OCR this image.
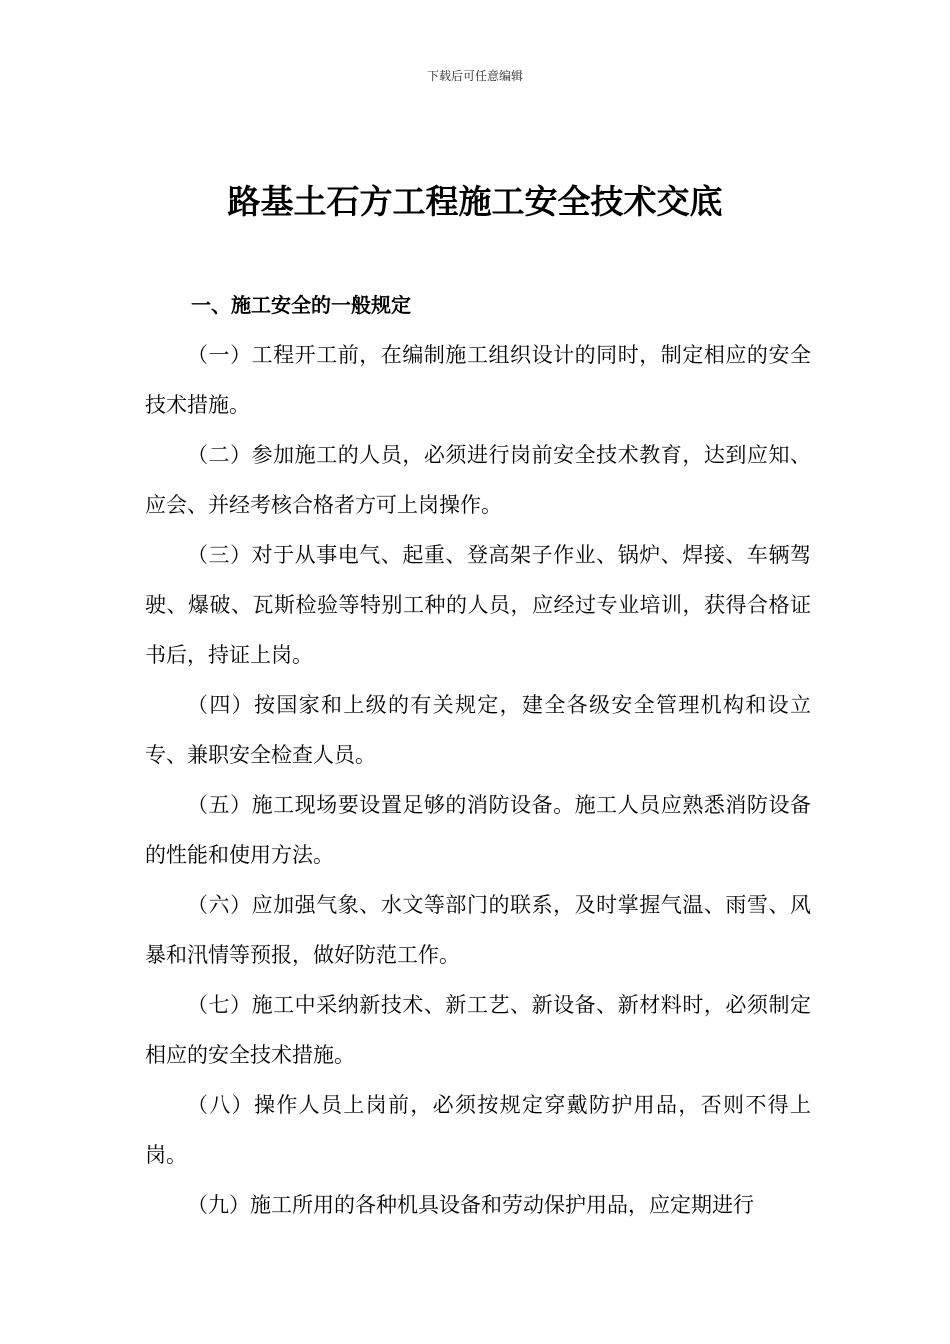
下载后可任意编辑
路基土石方工程施工安全技术交底

一、施工安全的一般规定

（一）工程开工前，在编制施工组织设计的同时，制定相应的安全技术措施。

（二）参加施工的人员，必须进行岗前安全技术教育，达到应知、应会、并经考核合格者方可上岗操作。

（三）对于从事电气、起重、登高架子作业、锅炉、焊接、车辆驾驶、爆破、瓦斯检验等特别工种的人员，应经过专业培训，获得合格证书后，持证上岗。

（四）按国家和上级的有关规定，建全各级安全管理机构和设立专、兼职安全检查人员。

（五）施工现场要设置足够的消防设备。施工人员应熟悉消防设备的性能和使用方法。

（六）应加强气象、水文等部门的联系，及时掌握气温、雨雪、风暴和汛情等预报，做好防范工作。

（七）施工中采纳新技术、新工艺、新设备、新材料时，必须制定相应的安全技术措施。

（八）操作人员上岗前，必须按规定穿戴防护用品，否则不得上岗。

（九）施工所用的各种机具设备和劳动保护用品，应定期进行
